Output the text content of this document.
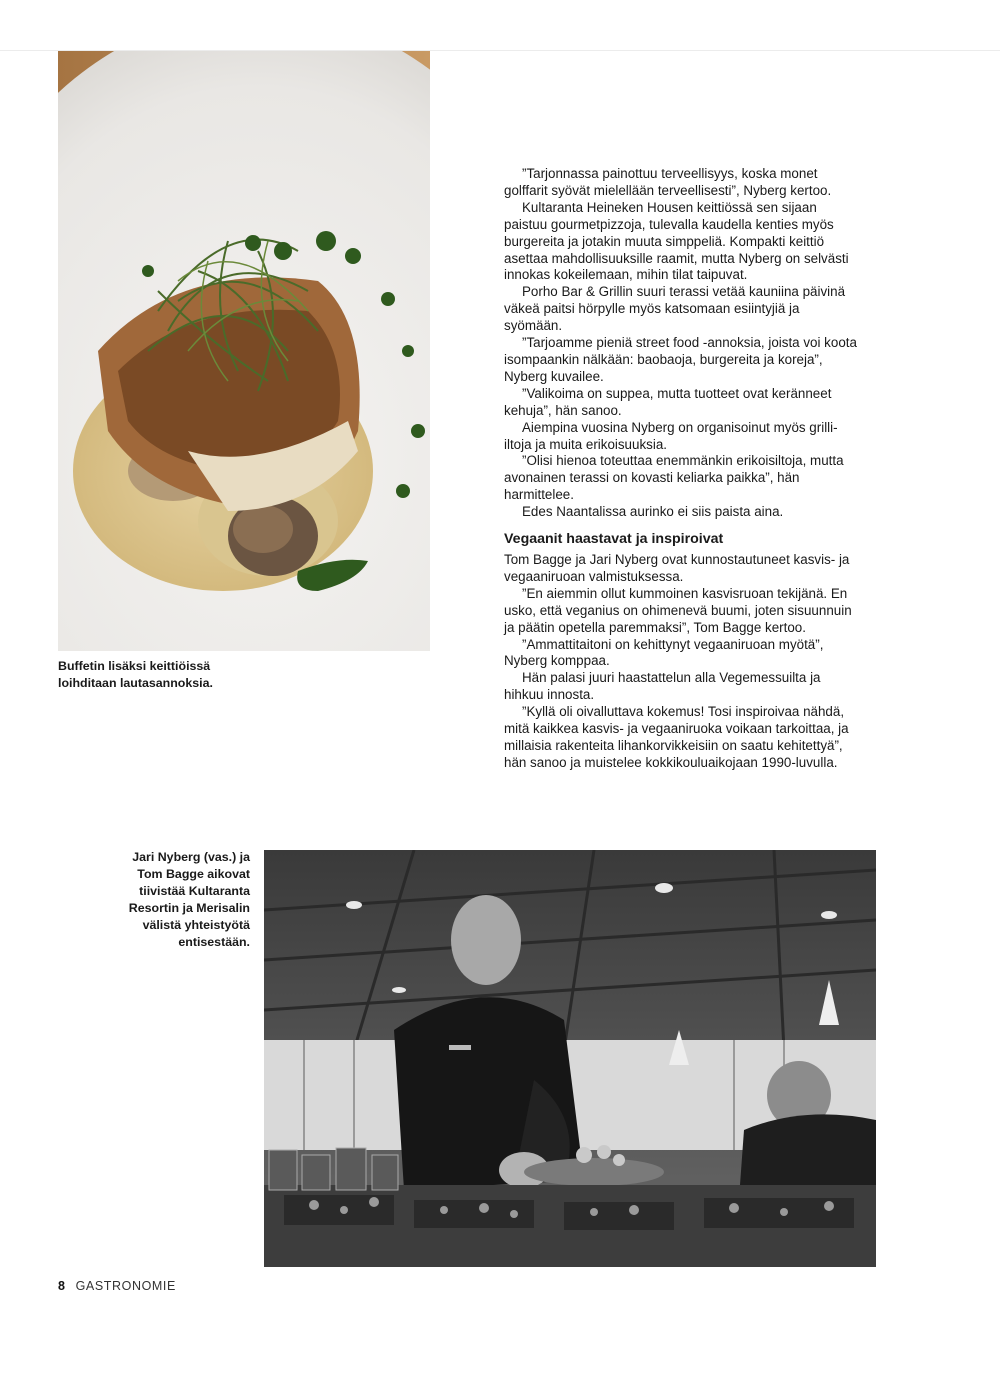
Buffetin lisäksi keittiöissä
loihditaan lautasannoksia.

”Tarjonnassa painottuu terveellisyys, koska monet golffarit syövät mielellään terveellisesti”, Nyberg kertoo.

Kultaranta Heineken Housen keittiössä sen sijaan paistuu gourmetpizzoja, tulevalla kaudella kenties myös burgereita ja jotakin muuta simppeliä. Kompakti keittiö asettaa mahdollisuuksille raamit, mutta Nyberg on selvästi innokas kokeilemaan, mihin tilat taipuvat.

Porho Bar & Grillin suuri terassi vetää kauniina päivinä väkeä paitsi hörpylle myös katsomaan esiintyjiä ja syömään.

”Tarjoamme pieniä street food -annoksia, joista voi koota isompaankin nälkään: baobaoja, burgereita ja koreja”, Nyberg kuvailee.

”Valikoima on suppea, mutta tuotteet ovat keränneet kehuja”, hän sanoo.

Aiempina vuosina Nyberg on organisoinut myös grilli-iltoja ja muita erikoisuuksia.

”Olisi hienoa toteuttaa enemmänkin erikoisiltoja, mutta avonainen terassi on kovasti keliarka paikka”, hän harmittelee.

Edes Naantalissa aurinko ei siis paista aina.

Vegaanit haastavat ja inspiroivat

Tom Bagge ja Jari Nyberg ovat kunnostautuneet kasvis- ja vegaaniruoan valmistuksessa.

”En aiemmin ollut kummoinen kasvisruoan tekijänä. En usko, että veganius on ohimenevä buumi, joten sisuunnuin ja päätin opetella paremmaksi”, Tom Bagge kertoo.

”Ammattitaitoni on kehittynyt vegaaniruoan myötä”, Nyberg komppaa.

Hän palasi juuri haastattelun alla Vegemessuilta ja hihkuu innosta.

”Kyllä oli oivalluttava kokemus! Tosi inspiroivaa nähdä, mitä kaikkea kasvis- ja vegaaniruoka voikaan tarkoittaa, ja millaisia rakenteita lihankorvikkeisiin on saatu kehitettyä”, hän sanoo ja muistelee kokkikouluaikojaan 1990-luvulla.

Jari Nyberg (vas.) ja
Tom Bagge aikovat
tiivistää Kultaranta
Resortin ja Merisalin
välistä yhteistyötä
entisestään.
8 GASTRONOMIE
